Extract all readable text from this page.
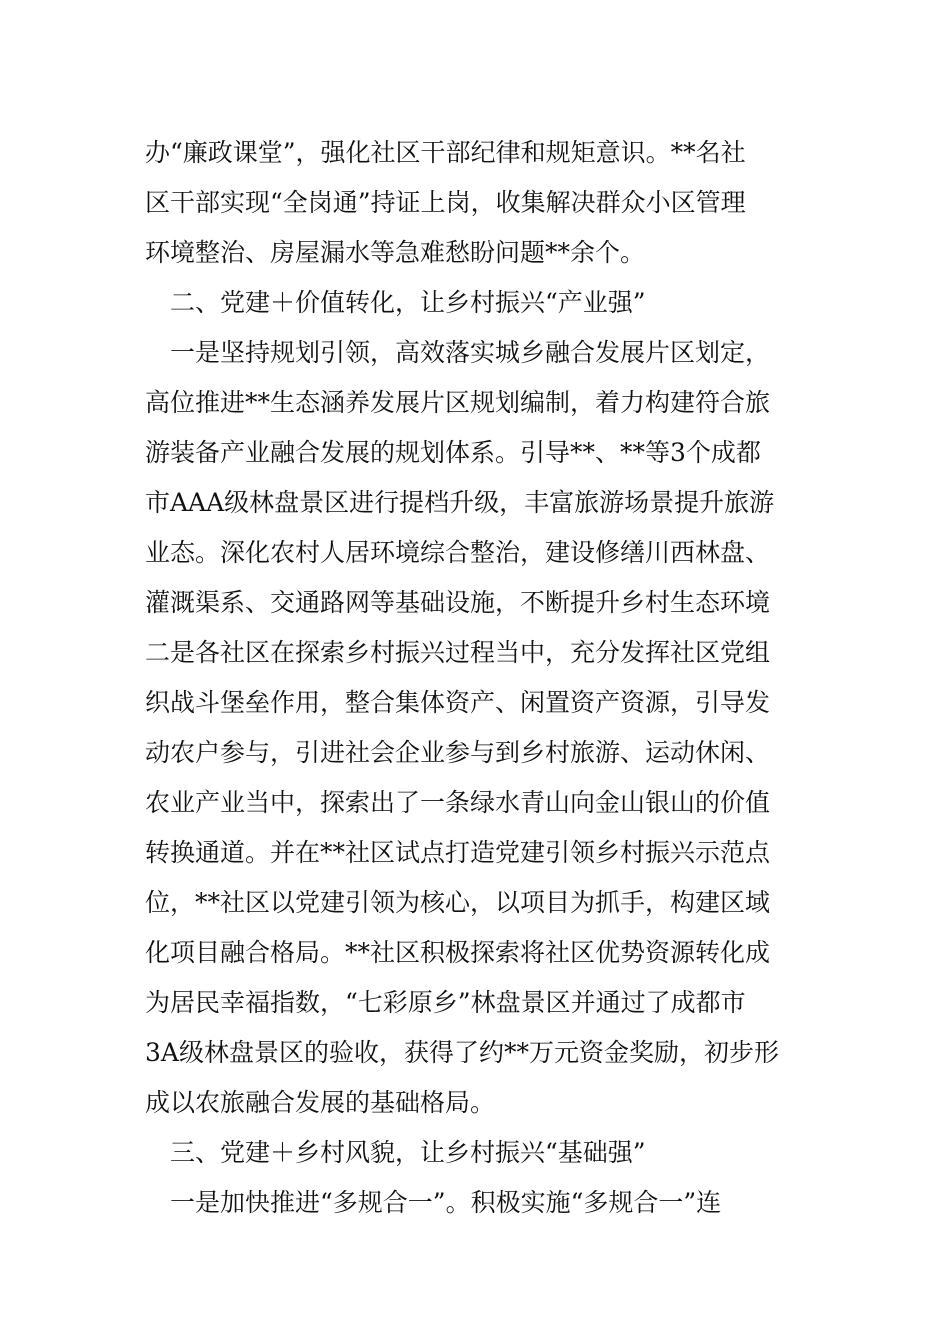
办“廉政课堂”，强化社区干部纪律和规矩意识。**名社
区干部实现“全岗通”持证上岗，收集解决群众小区管理
环境整治、房屋漏水等急难愁盼问题**余个。
　二、党建＋价值转化，让乡村振兴“产业强”
　一是坚持规划引领，高效落实城乡融合发展片区划定，
高位推进**生态涵养发展片区规划编制，着力构建符合旅
游装备产业融合发展的规划体系。引导**、**等3个成都
市AAA级林盘景区进行提档升级，丰富旅游场景提升旅游
业态。深化农村人居环境综合整治，建设修缮川西林盘、
灌溉渠系、交通路网等基础设施，不断提升乡村生态环境
二是各社区在探索乡村振兴过程当中，充分发挥社区党组
织战斗堡垒作用，整合集体资产、闲置资产资源，引导发
动农户参与，引进社会企业参与到乡村旅游、运动休闲、
农业产业当中，探索出了一条绿水青山向金山银山的价值
转换通道。并在**社区试点打造党建引领乡村振兴示范点
位，**社区以党建引领为核心，以项目为抓手，构建区域
化项目融合格局。**社区积极探索将社区优势资源转化成
为居民幸福指数，“七彩原乡”林盘景区并通过了成都市
3A级林盘景区的验收，获得了约**万元资金奖励，初步形
成以农旅融合发展的基础格局。
　三、党建＋乡村风貌，让乡村振兴“基础强”
　一是加快推进“多规合一”。积极实施“多规合一”连
